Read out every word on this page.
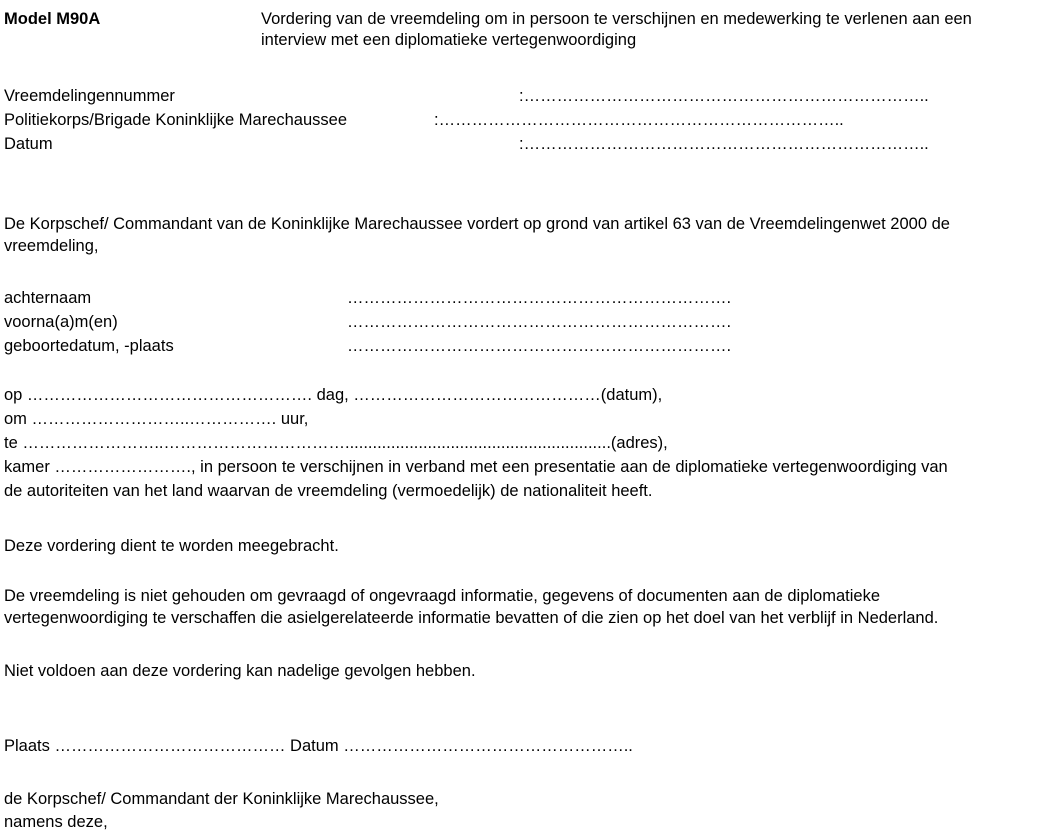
Model M90A	Vordering van de vreemdeling om in persoon te verschijnen en medewerking te verlenen aan een
interview met een diplomatieke vertegenwoordiging
Vreemdelingennummer	:………………………………………………………………..
Politiekorps/Brigade Koninklijke Marechaussee	:………………………………………………………………..
Datum	:………………………………………………………………..
De Korpschef/ Commandant van de Koninklijke Marechaussee vordert op grond van artikel 63 van de Vreemdelingenwet 2000 de
vreemdeling,
achternaam	…………………………………………………………….
voorna(a)m(en)	…………………………………………………………….
geboortedatum, -plaats	…………………………………………………………….
op ……………………………………………. dag, ………………………………………(datum),
om ………………………..……………. uur,
te ……………………..……………………………..........................................................(adres),
kamer ……………………., in persoon te verschijnen in verband met een presentatie aan de diplomatieke vertegenwoordiging van
de autoriteiten van het land waarvan de vreemdeling (vermoedelijk) de nationaliteit heeft.
Deze vordering dient te worden meegebracht.
De vreemdeling is niet gehouden om gevraagd of ongevraagd informatie, gegevens of documenten aan de diplomatieke
vertegenwoordiging te verschaffen die asielgerelateerde informatie bevatten of die zien op het doel van het verblijf in Nederland.
Niet voldoen aan deze vordering kan nadelige gevolgen hebben.
Plaats …………………………………… Datum ……………………………………………..
de Korpschef/ Commandant der Koninklijke Marechaussee,
namens deze,
